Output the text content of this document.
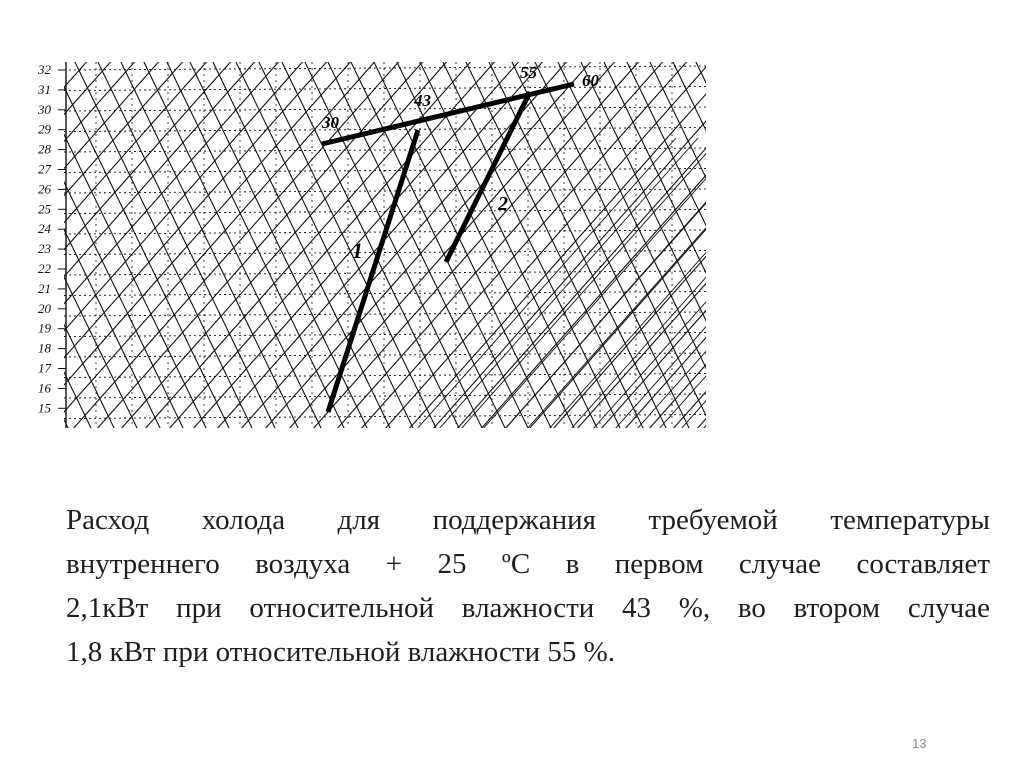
32
31
30
29
28
27
26
25
24
23
22
21
20
19
18
17
16
15
30
43
55	60
1
2
Расход холода для поддержания требуемой температуры
внутреннего воздуха + 25 ºС в первом случае составляет
2,1кВт при относительной влажности 43 %, во втором случае
1,8 кВт при относительной влажности 55 %.
13
